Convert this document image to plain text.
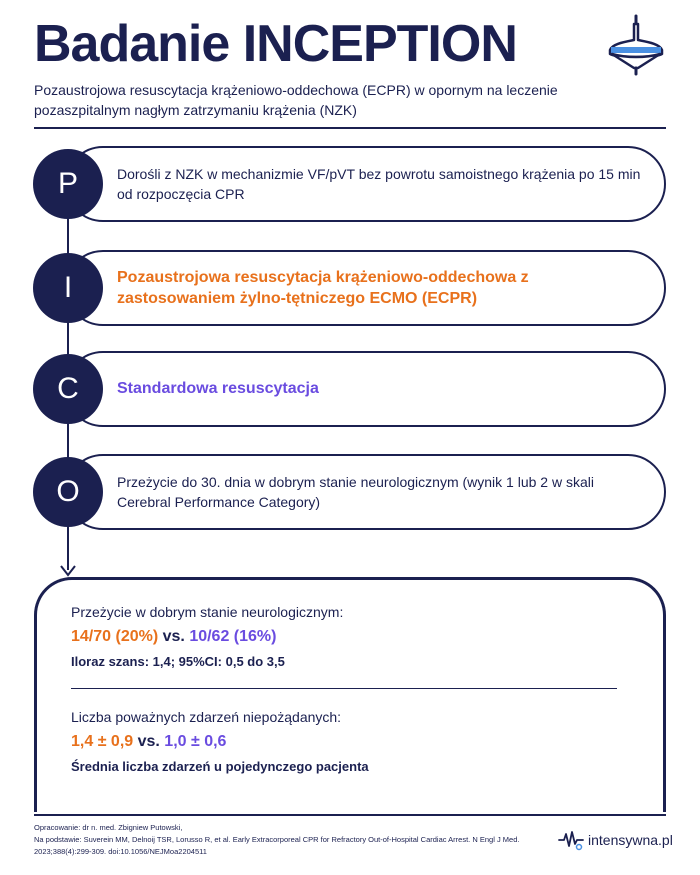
Badanie INCEPTION
Pozaustrojowa resuscytacja krążeniowo-oddechowa (ECPR) w opornym na leczenie pozaszpitalnym nagłym zatrzymaniu krążenia (NZK)
Dorośli z NZK w mechanizmie VF/pVT bez powrotu samoistnego krążenia po 15 min od rozpoczęcia CPR
P
Pozaustrojowa resuscytacja krążeniowo-oddechowa z zastosowaniem żylno-tętniczego ECMO (ECPR)
I
Standardowa resuscytacja
C
Przeżycie do 30. dnia w dobrym stanie neurologicznym (wynik 1 lub 2 w skali Cerebral Performance Category)
O
Przeżycie w dobrym stanie neurologicznym:
14/70 (20%) vs. 10/62 (16%)
Iloraz szans: 1,4; 95%CI: 0,5 do 3,5
Liczba poważnych zdarzeń niepożądanych:
1,4 ± 0,9 vs. 1,0 ± 0,6
Średnia liczba zdarzeń u pojedynczego pacjenta
Opracowanie: dr n. med. Zbigniew Putowski,
Na podstawie: Suverein MM, Delnoij TSR, Lorusso R, et al. Early Extracorporeal CPR for Refractory Out-of-Hospital Cardiac Arrest. N Engl J Med. 2023;388(4):299-309. doi:10.1056/NEJMoa2204511
intensywna.pl
